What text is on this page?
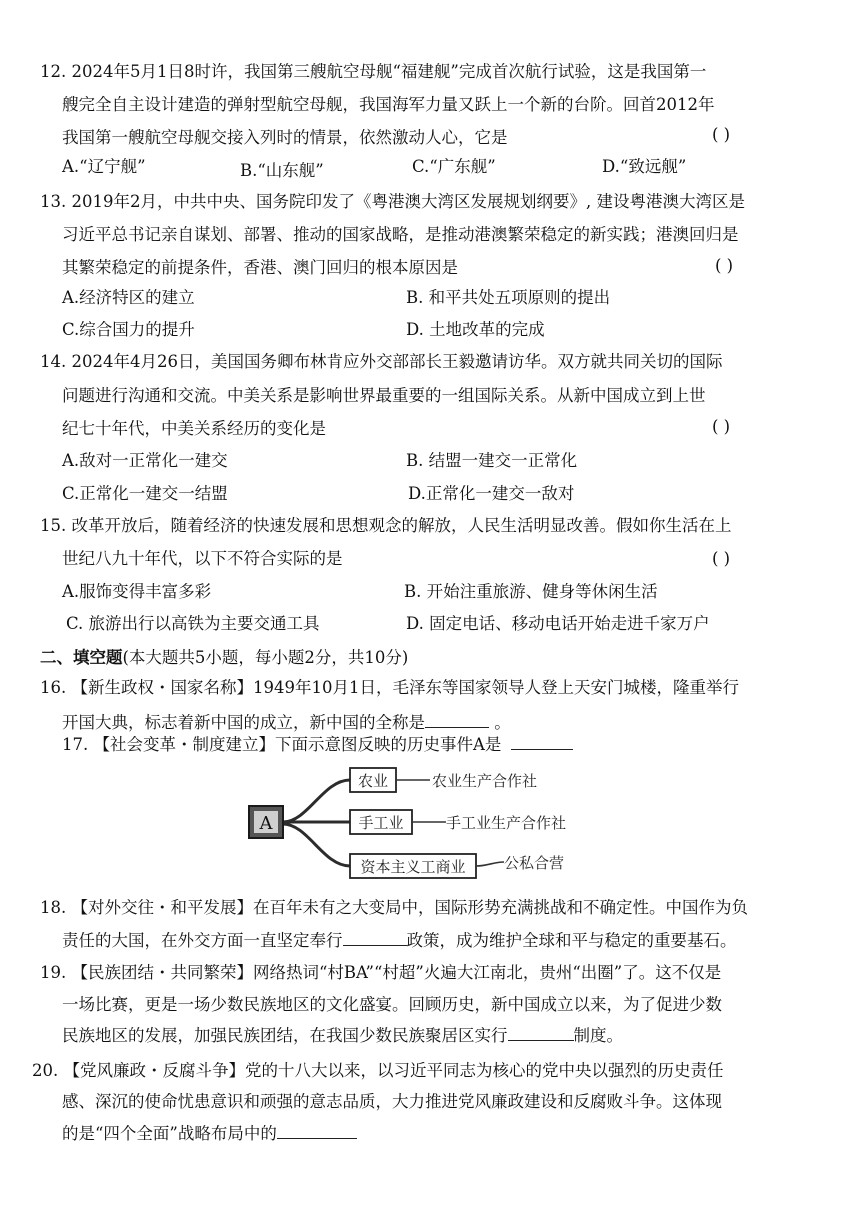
12. 2024年5月1日8时许，我国第三艘航空母舰“福建舰”完成首次航行试验，这是我国第一
艘完全自主设计建造的弹射型航空母舰，我国海军力量又跃上一个新的台阶。回首2012年
我国第一艘航空母舰交接入列时的情景，依然激动人心，它是	( )
A.“辽宁舰”	B.“山东舰”	C.“广东舰”	D.“致远舰”
13. 2019年2月，中共中央、国务院印发了《粤港澳大湾区发展规划纲要》, 建设粤港澳大湾区是
习近平总书记亲自谋划、部署、推动的国家战略，是推动港澳繁荣稳定的新实践；港澳回归是
其繁荣稳定的前提条件，香港、澳门回归的根本原因是	( )
A.经济特区的建立	B. 和平共处五项原则的提出
C.综合国力的提升	D. 土地改革的完成
14. 2024年4月26日，美国国务卿布林肯应外交部部长王毅邀请访华。双方就共同关切的国际
问题进行沟通和交流。中美关系是影响世界最重要的一组国际关系。从新中国成立到上世
纪七十年代，中美关系经历的变化是	( )
A.敌对一正常化一建交	B. 结盟一建交一正常化
C.正常化一建交一结盟	D.正常化一建交一敌对
15. 改革开放后，随着经济的快速发展和思想观念的解放，人民生活明显改善。假如你生活在上
世纪八九十年代，以下不符合实际的是	( )
A.服饰变得丰富多彩	B. 开始注重旅游、健身等休闲生活
C. 旅游出行以高铁为主要交通工具	D. 固定电话、移动电话开始走进千家万户
二、填空题(本大题共5小题，每小题2分，共10分)
16. 【新生政权・国家名称】1949年10月1日，毛泽东等国家领导人登上天安门城楼，隆重举行
开国大典，标志着新中国的成立，新中国的全称是	。
17. 【社会变革・制度建立】下面示意图反映的历史事件A是
A
农业	农业生产合作社
手工业	手工业生产合作社
资本主义工商业	公私合营
18. 【对外交往・和平发展】在百年未有之大变局中，国际形势充满挑战和不确定性。中国作为负
责任的大国，在外交方面一直坚定奉行	政策，成为维护全球和平与稳定的重要基石。
19. 【民族团结・共同繁荣】网络热词“村BA”“村超”火遍大江南北，贵州“出圈”了。这不仅是
一场比赛，更是一场少数民族地区的文化盛宴。回顾历史，新中国成立以来，为了促进少数
民族地区的发展，加强民族团结，在我国少数民族聚居区实行	制度。
20. 【党风廉政・反腐斗争】党的十八大以来，以习近平同志为核心的党中央以强烈的历史责任
感、深沉的使命忧患意识和顽强的意志品质，大力推进党风廉政建设和反腐败斗争。这体现
的是“四个全面”战略布局中的
